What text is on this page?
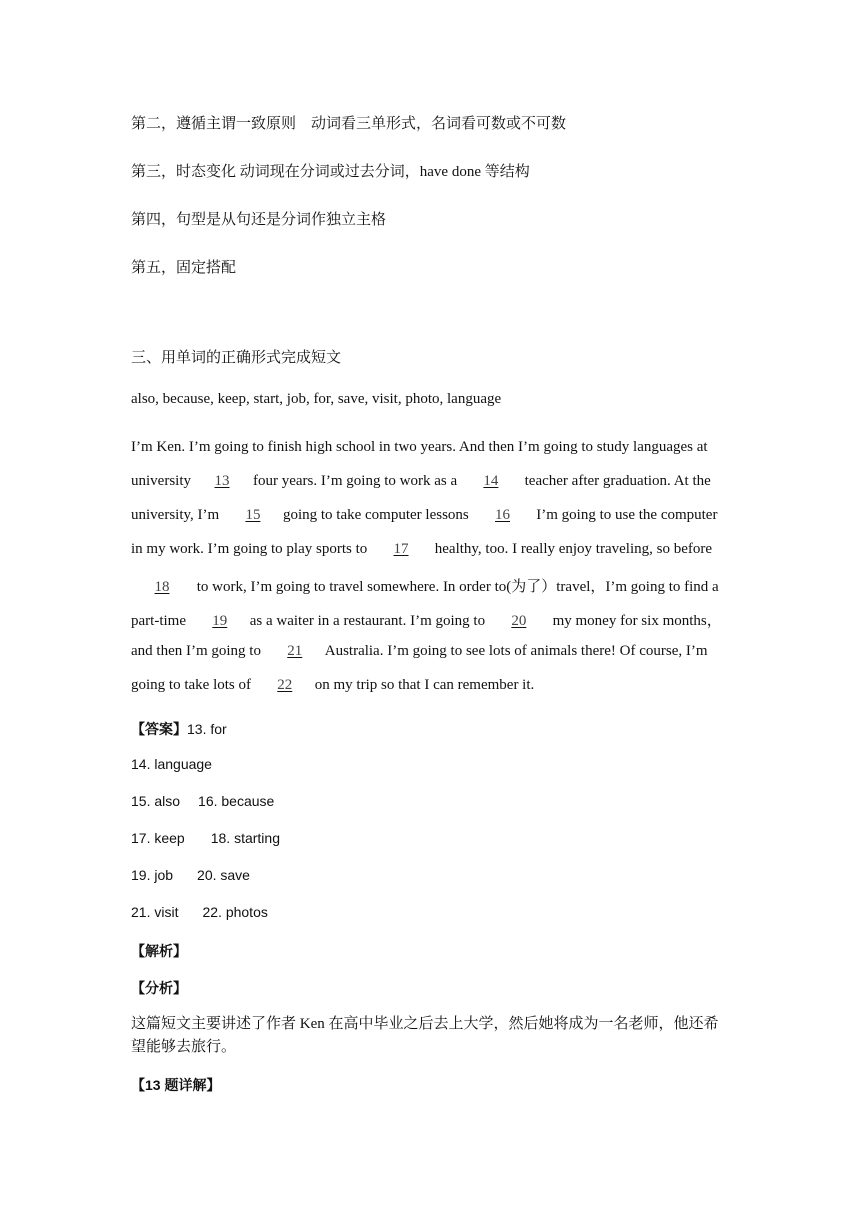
第二，遵循主谓一致原则　动词看三单形式，名词看可数或不可数
第三，时态变化 动词现在分词或过去分词，have done 等结构
第四，句型是从句还是分词作独立主格
第五，固定搭配
三、用单词的正确形式完成短文
also, because, keep, start, job, for, save, visit, photo, language
I’m Ken. I’m going to finish high school in two years. And then I’m going to study languages at
university 13 four years. I’m going to work as a 14 teacher after graduation. At the
university, I’m 15 going to take computer lessons 16 I’m going to use the computer
in my work. I’m going to play sports to 17 healthy, too. I really enjoy traveling, so before
18 to work, I’m going to travel somewhere. In order to(为了）travel，I’m going to find a
part-time 19 as a waiter in a restaurant. I’m going to 20 my money for six months，
and then I’m going to 21 Australia. I’m going to see lots of animals there! Of course, I’m
going to take lots of 22 on my trip so that I can remember it.
【答案】13. for
14. language
15. also 16. because
17. keep 18. starting
19. job 20. save
21. visit 22. photos
【解析】
【分析】
这篇短文主要讲述了作者 Ken 在高中毕业之后去上大学，然后她将成为一名老师，他还希望能够去旅行。
【13 题详解】
